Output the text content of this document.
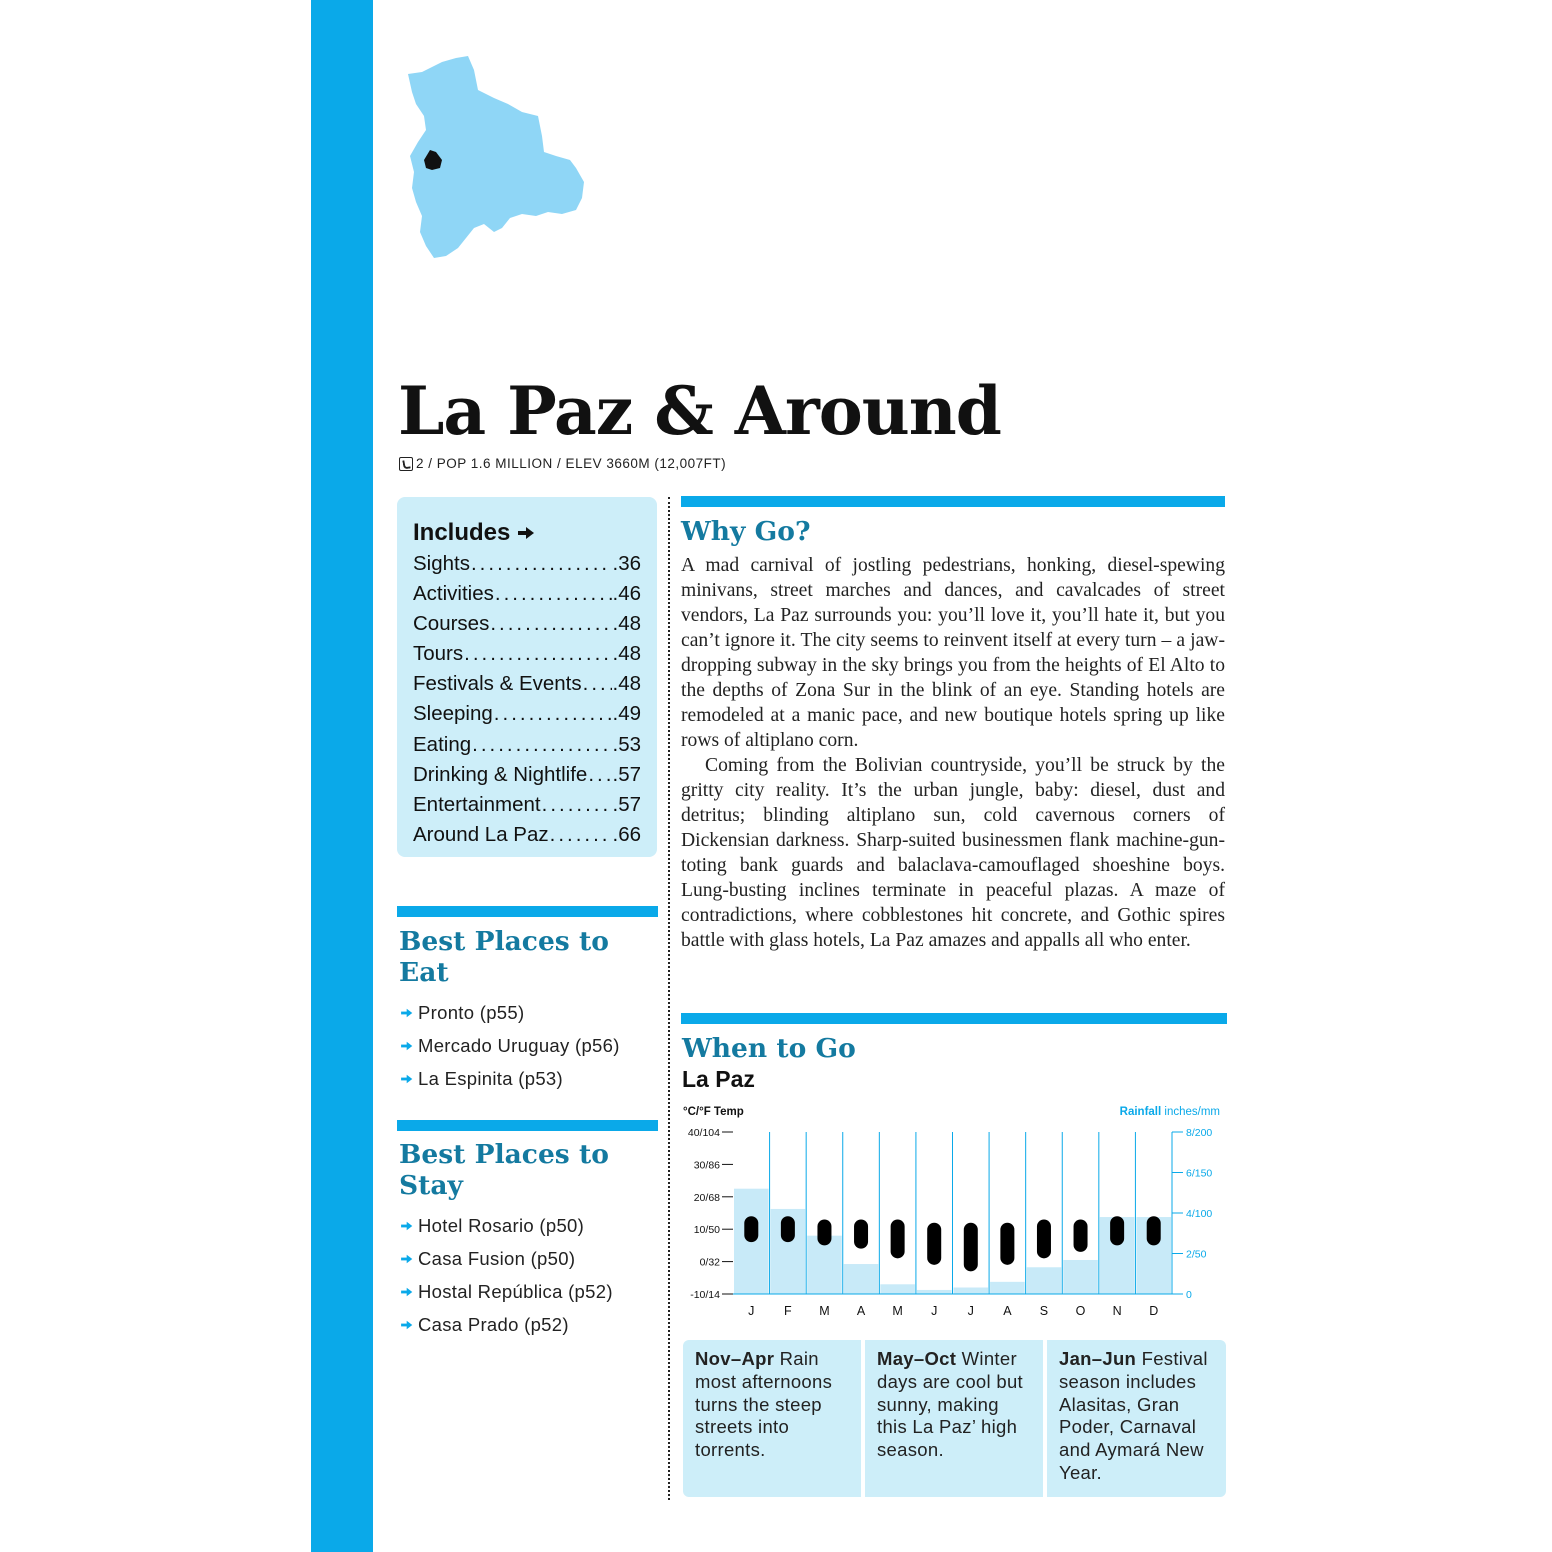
La Paz & Around
2 / POP 1.6 MILLION / ELEV 3660M (12,007FT)
Includes
Sights .....	.36
Activities .....	.46
Courses .....	.48
Tours .....	.48
Festivals & Events ..... .48
Sleeping .....	.49
Eating .....	.53
Drinking & Nightlife ..... .57
Entertainment .....	.57
Around La Paz .....	.66
Best Places to Eat
Pronto (p55)
Mercado Uruguay (p56)
La Espinita (p53)
Best Places to Stay
Hotel Rosario (p50)
Casa Fusion (p50)
Hostal República (p52)
Casa Prado (p52)
Why Go?

A mad carnival of jostling pedestrians, honking, diesel-spewing minivans, street marches and dances, and cavalcades of street vendors, La Paz surrounds you: you’ll love it, you’ll hate it, but you can’t ignore it. The city seems to reinvent itself at every turn – a jaw-dropping subway in the sky brings you from the heights of El Alto to the depths of Zona Sur in the blink of an eye. Standing hotels are remodeled at a manic pace, and new boutique hotels spring up like rows of altiplano corn.

Coming from the Bolivian countryside, you’ll be struck by the gritty city reality. It’s the urban jungle, baby: diesel, dust and detritus; blinding altiplano sun, cold cavernous corners of Dickensian darkness. Sharp-suited businessmen flank machine-gun-toting bank guards and balaclava-camouflaged shoeshine boys. Lung-busting inclines terminate in peaceful plazas. A maze of contradictions, where cobblestones hit concrete, and Gothic spires battle with glass hotels, La Paz amazes and appalls all who enter.

When to Go
La Paz
°C/°F Temp	Rainfall inches/mm
40/104
30/86
20/68
10/50
0/32
-10/14
8/200
6/150
4/100
2/50
0
J F M A M J J A S O N D
Nov–Apr Rain most afternoons turns the steep streets into torrents.
May–Oct Winter days are cool but sunny, making this La Paz’ high season.
Jan–Jun Festival season includes Alasitas, Gran Poder, Carnaval and Aymará New Year.
